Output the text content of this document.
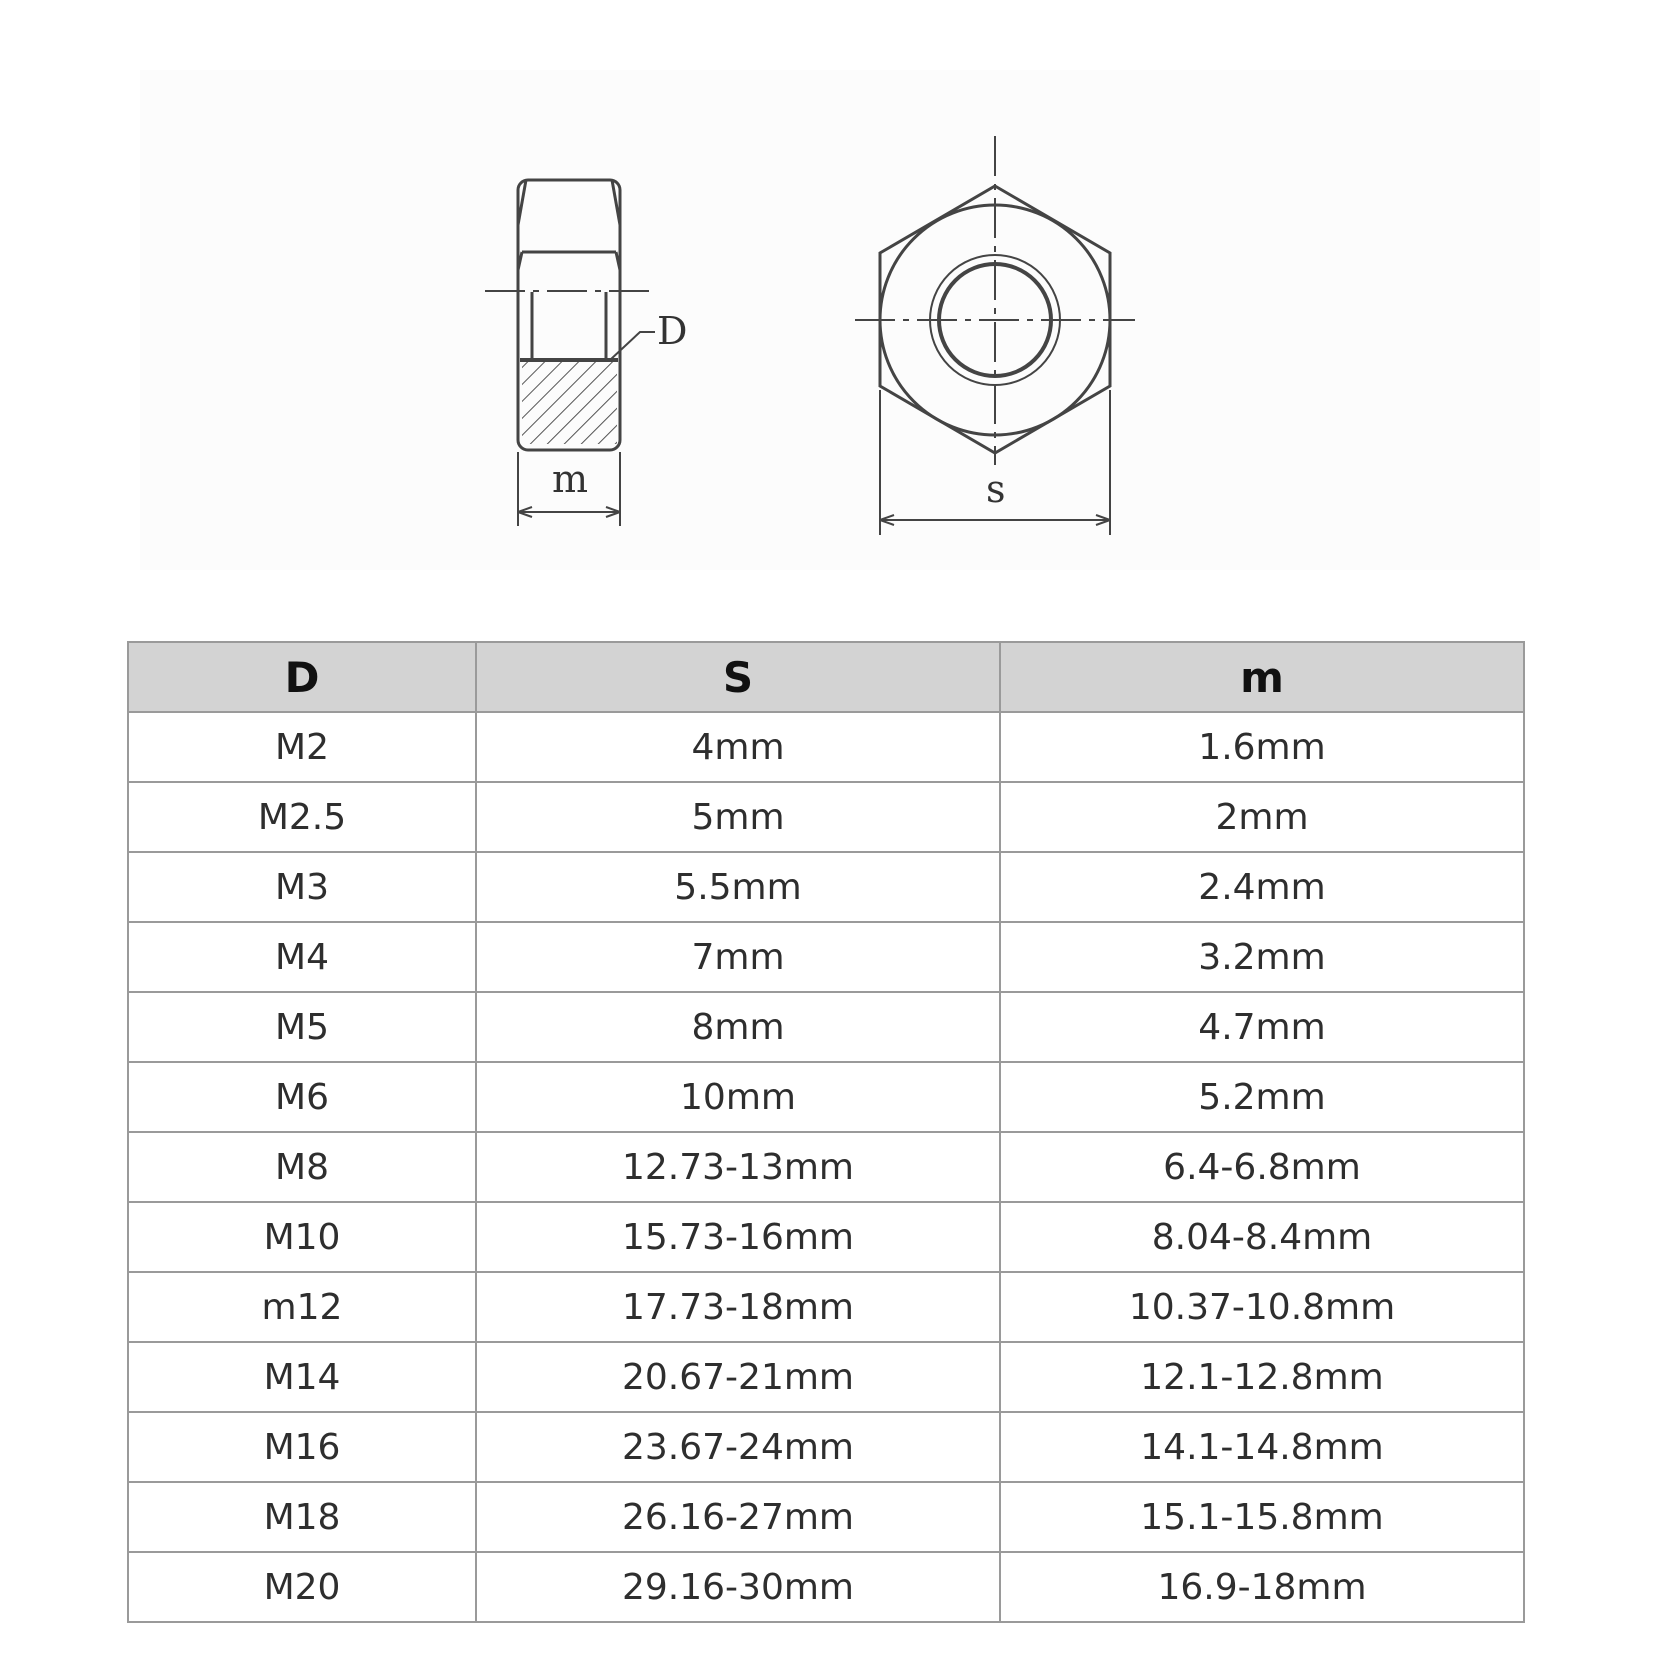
D
m	s
D	S	m
M2	4mm	1.6mm
M2.5	5mm	2mm
M3	5.5mm	2.4mm
M4	7mm	3.2mm
M5	8mm	4.7mm
M6	10mm	5.2mm
M8	12.73-13mm	6.4-6.8mm
M10	15.73-16mm	8.04-8.4mm
m12	17.73-18mm	10.37-10.8mm
M14	20.67-21mm	12.1-12.8mm
M16	23.67-24mm	14.1-14.8mm
M18	26.16-27mm	15.1-15.8mm
M20	29.16-30mm	16.9-18mm
